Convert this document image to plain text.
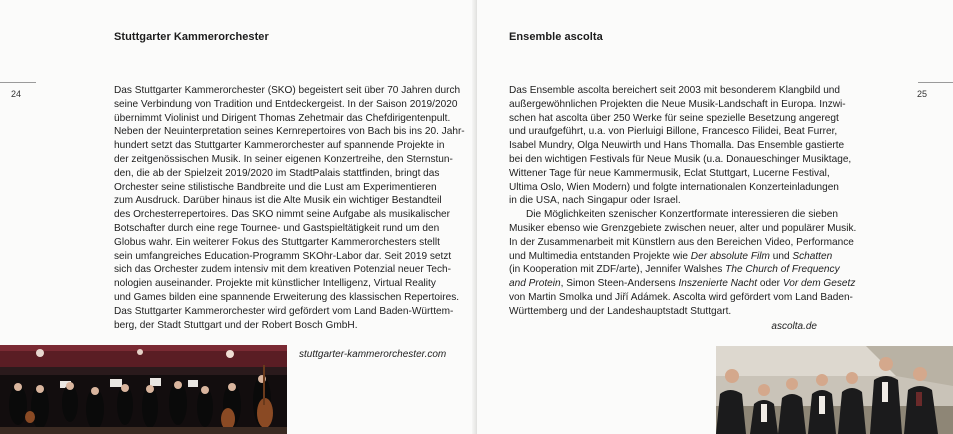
Stuttgarter Kammerorchester
24	Das Stuttgarter Kammerorchester (SKO) begeistert seit über 70 Jahren durch
seine Verbindung von Tradition und Entdeckergeist. In der Saison 2019/2020
übernimmt Violinist und Dirigent Thomas Zehetmair das Chefdirigentenpult.
Neben der Neuinterpretation seines Kernrepertoires von Bach bis ins 20. Jahr-
hundert setzt das Stuttgarter Kammerorchester auf spannende Projekte in
der zeitgenössischen Musik. In seiner eigenen Konzertreihe, den Sternstun-
den, die ab der Spielzeit 2019/2020 im StadtPalais stattfinden, bringt das
Orchester seine stilistische Bandbreite und die Lust am Experimentieren
zum Ausdruck. Darüber hinaus ist die Alte Musik ein wichtiger Bestandteil
des Orchesterrepertoires. Das SKO nimmt seine Aufgabe als musikalischer
Botschafter durch eine rege Tournee- und Gastspieltätigkeit rund um den
Globus wahr. Ein weiterer Fokus des Stuttgarter Kammerorchesters stellt
sein umfangreiches Education-Programm SKOhr-Labor dar. Seit 2019 setzt
sich das Orchester zudem intensiv mit dem kreativen Potenzial neuer Tech-
nologien auseinander. Projekte mit künstlicher Intelligenz, Virtual Reality
und Games bilden eine spannende Erweiterung des klassischen Repertoires.
Das Stuttgarter Kammerorchester wird gefördert vom Land Baden-Württem-
berg, der Stadt Stuttgart und der Robert Bosch GmbH.
stuttgarter-kammerorchester.com
Ensemble ascolta
25
Das Ensemble ascolta bereichert seit 2003 mit besonderem Klangbild und
außergewöhnlichen Projekten die Neue Musik-Landschaft in Europa. Inzwi-
schen hat ascolta über 250 Werke für seine spezielle Besetzung angeregt
und uraufgeführt, u.a. von Pierluigi Billone, Francesco Filidei, Beat Furrer,
Isabel Mundry, Olga Neuwirth und Hans Thomalla. Das Ensemble gastierte
bei den wichtigen Festivals für Neue Musik (u.a. Donaueschinger Musiktage,
Wittener Tage für neue Kammermusik, Eclat Stuttgart, Lucerne Festival,
Ultima Oslo, Wien Modern) und folgte internationalen Konzerteinladungen
in die USA, nach Singapur oder Israel.
Die Möglichkeiten szenischer Konzertformate interessieren die sieben
Musiker ebenso wie Grenzgebiete zwischen neuer, alter und populärer Musik.
In der Zusammenarbeit mit Künstlern aus den Bereichen Video, Performance
und Multimedia entstanden Projekte wie Der absolute Film und Schatten
(in Kooperation mit ZDF/arte), Jennifer Walshes The Church of Frequency
and Protein, Simon Steen-Andersens Inszenierte Nacht oder Vor dem Gesetz
von Martin Smolka und Jiří Adámek. Ascolta wird gefördert vom Land Baden-
Württemberg und der Landeshauptstadt Stuttgart.
ascolta.de
